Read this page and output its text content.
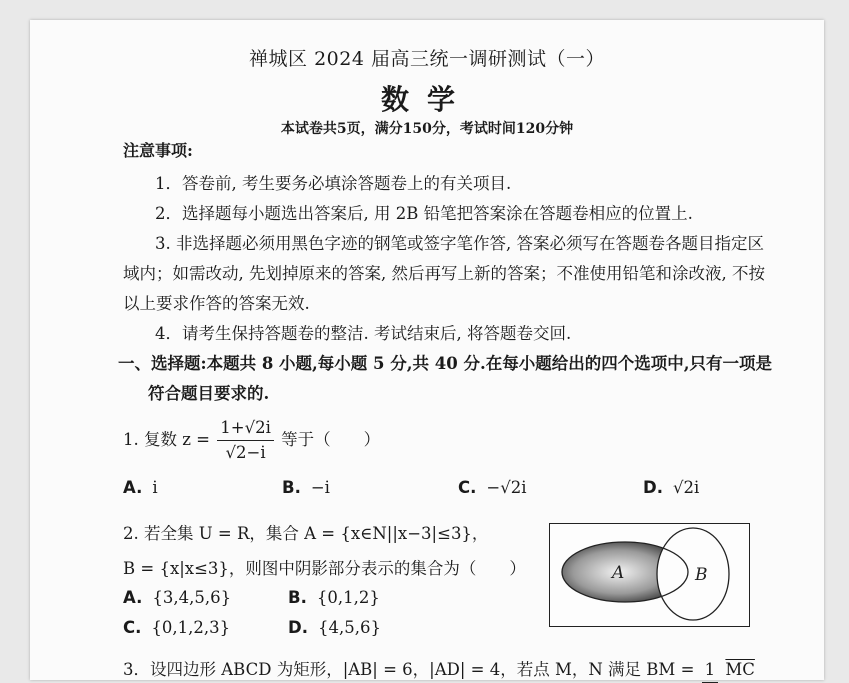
禅城区 2024 届高三统一调研测试（一）
数学
本试卷共5页，满分150分，考试时间120分钟
注意事项:
1．答卷前, 考生要务必填涂答题卷上的有关项目.
2．选择题每小题选出答案后, 用 2B 铅笔把答案涂在答题卷相应的位置上.
3. 非选择题必须用黑色字迹的钢笔或签字笔作答, 答案必须写在答题卷各题目指定区
域内；如需改动, 先划掉原来的答案, 然后再写上新的答案；不准使用铅笔和涂改液, 不按
以上要求作答的答案无效.
4．请考生保持答题卷的整洁. 考试结束后, 将答题卷交回.
一、选择题:本题共 8 小题,每小题 5 分,共 40 分.在每小题给出的四个选项中,只有一项是
符合题目要求的.
1. 复数 $z = \frac{1+√2i}{√2-i}$ 等于（　　）
A. i	B. −i	C. −√2i	D. √2i
2. 若全集 U = R，集合 A = {x∈N||x−3|≤3}，
B = {x|x≤3}，则图中阴影部分表示的集合为（　　）
A. {3,4,5,6}	B. {0,1,2}
C. {0,1,2,3}	D. {4,5,6}
A	B
3．设四边形 ABCD 为矩形，|AB| = 6，|AD| = 4，若点 M，N 满足 BM = 1 $\overline{MC}$
